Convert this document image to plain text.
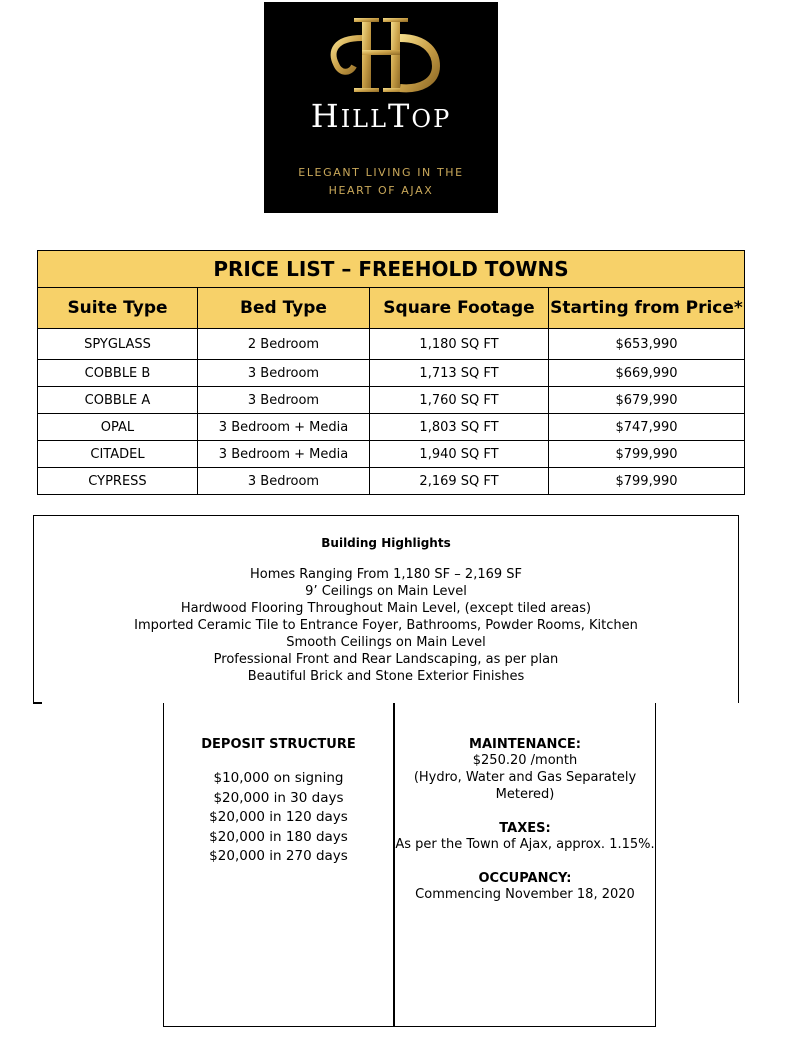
HILLTOP
ELEGANT LIVING IN THE
HEART OF AJAX
PRICE LIST – FREEHOLD TOWNS			
Suite Type	Bed Type	Square Footage	Starting from Price*
SPYGLASS	2 Bedroom	1,180 SQ FT	$653,990
COBBLE B	3 Bedroom	1,713 SQ FT	$669,990
COBBLE A	3 Bedroom	1,760 SQ FT	$679,990
OPAL	3 Bedroom + Media	1,803 SQ FT	$747,990
CITADEL	3 Bedroom + Media	1,940 SQ FT	$799,990
CYPRESS	3 Bedroom	2,169 SQ FT	$799,990
Building Highlights
Homes Ranging From 1,180 SF – 2,169 SF
9’ Ceilings on Main Level
Hardwood Flooring Throughout Main Level, (except tiled areas)
Imported Ceramic Tile to Entrance Foyer, Bathrooms, Powder Rooms, Kitchen
Smooth Ceilings on Main Level
Professional Front and Rear Landscaping, as per plan
Beautiful Brick and Stone Exterior Finishes
DEPOSIT STRUCTURE
$10,000 on signing
$20,000 in 30 days
$20,000 in 120 days
$20,000 in 180 days
$20,000 in 270 days
MAINTENANCE:

$250.20 /month

(Hydro, Water and Gas Separately Metered)

TAXES:

As per the Town of Ajax, approx. 1.15%.

OCCUPANCY:

Commencing November 18, 2020
